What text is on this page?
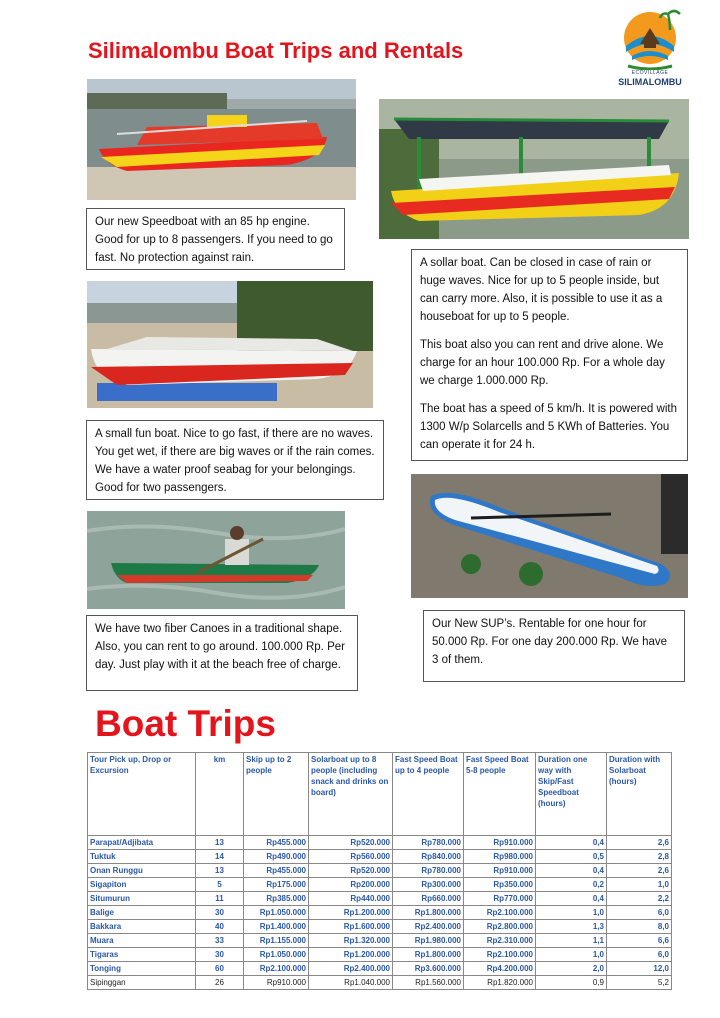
Silimalombu Boat Trips and Rentals
ECOVILLAGE
SILIMALOMBU

Our new Speedboat with an 85 hp engine. Good for up to 8 passengers. If you need to go fast. No protection against rain.	A sollar boat. Can be closed in case of rain or huge waves. Nice for up to 5 people inside, but can carry more. Also, it is possible to use it as a houseboat for up to 5 people.

This boat also you can rent and drive alone. We charge for an hour 100.000 Rp. For a whole day we charge 1.000.000 Rp.

The boat has a speed of 5 km/h. It is powered with 1300 W/p Solarcells and 5 KWh of Batteries. You can operate it for 24 h.

A small fun boat. Nice to go fast, if there are no waves. You get wet, if there are big waves or if the rain comes. We have a water proof seabag for your belongings. Good for two passengers.

We have two fiber Canoes in a traditional shape. Also, you can rent to go around. 100.000 Rp. Per day. Just play with it at the beach free of charge.

Our New SUP’s. Rentable for one hour for 50.000 Rp. For one day 200.000 Rp. We have 3 of them.

Boat Trips
Tour Pick up, Drop or Excursion	km	Skip up to 2 people	Solarboat up to 8 people (including snack and drinks on board)	Fast Speed Boat up to 4 people	Fast Speed Boat 5-8 people	Duration one way with Skip/Fast Speedboat (hours)	Duration with Solarboat (hours)
Parapat/Adjibata	13	Rp455.000	Rp520.000	Rp780.000	Rp910.000	0,4	2,6
Tuktuk	14	Rp490.000	Rp560.000	Rp840.000	Rp980.000	0,5	2,8
Onan Runggu	13	Rp455.000	Rp520.000	Rp780.000	Rp910.000	0,4	2,6
Sigapiton	5	Rp175.000	Rp200.000	Rp300.000	Rp350.000	0,2	1,0
Situmurun	11	Rp385.000	Rp440.000	Rp660.000	Rp770.000	0,4	2,2
Balige	30	Rp1.050.000	Rp1.200.000	Rp1.800.000	Rp2.100.000	1,0	6,0
Bakkara	40	Rp1.400.000	Rp1.600.000	Rp2.400.000	Rp2.800.000	1,3	8,0
Muara	33	Rp1.155.000	Rp1.320.000	Rp1.980.000	Rp2.310.000	1,1	6,6
Tigaras	30	Rp1.050.000	Rp1.200.000	Rp1.800.000	Rp2.100.000	1,0	6,0
Tonging	60	Rp2.100.000	Rp2.400.000	Rp3.600.000	Rp4.200.000	2,0	12,0
Sipinggan	26	Rp910.000	Rp1.040.000	Rp1.560.000	Rp1.820.000	0,9	5,2
